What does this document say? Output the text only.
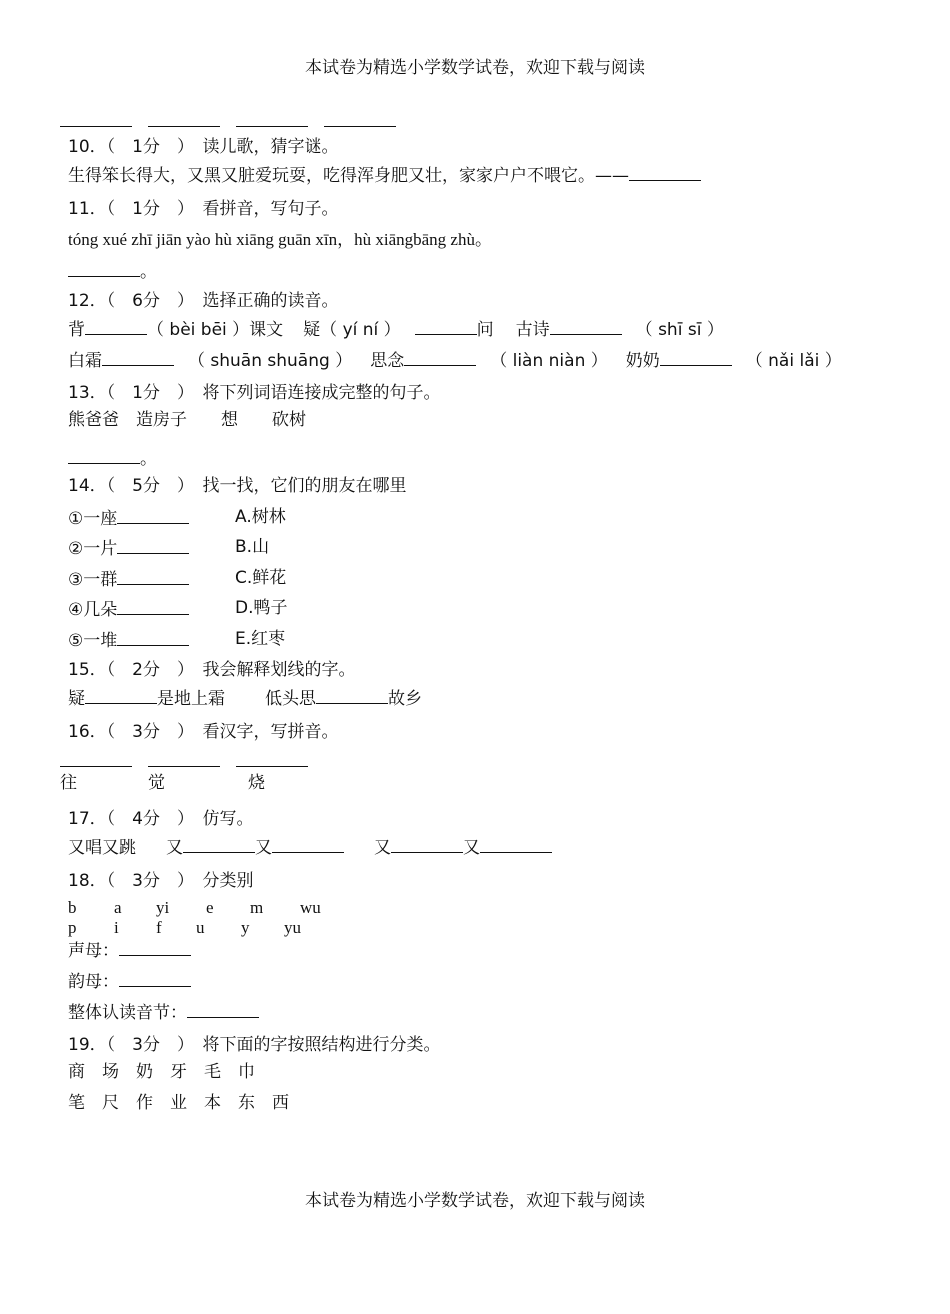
本试卷为精选小学数学试卷，欢迎下载与阅读
10．（　1分　）　读儿歌，猜字谜。
生得笨长得大，又黑又脏爱玩耍，吃得浑身肥又壮，家家户户不喂它。——
11．（　1分　）　看拼音，写句子。
tóng xué zhī jiān yào hù xiāng guān xīn，hù xiāngbāng zhù。
。
12．（　6分　）　选择正确的读音。
背	（ bèi bēi ）课文 疑（ yí ní ）	问 古诗	（ shī sī ）
白霜	（ shuān shuāng ） 思念	（ liàn niàn ） 奶奶	（ nǎi lǎi ）
13．（　1分　）　将下列词语连接成完整的句子。
熊爸爸　造房子　　想　　砍树
。
14．（　5分　）　找一找，它们的朋友在哪里
①一座	A.树林
②一片	B.山
③一群	C.鲜花
④几朵	D.鸭子
⑤一堆	E.红枣
15．（　2分　）　我会解释划线的字。
疑	是地上霜 低头思	故乡
16．（　3分　）　看汉字，写拼音。
往	觉	烧
17．（　4分　）　仿写。
又唱又跳 又	又	又	又
18．（　3分　）　分类别
b a yi e m wu
p i f u y yu
声母：
韵母：
整体认读音节：
19．（　3分　）　将下面的字按照结构进行分类。
商　场　奶　牙　毛　巾
笔　尺　作　业　本　东　西
本试卷为精选小学数学试卷，欢迎下载与阅读
